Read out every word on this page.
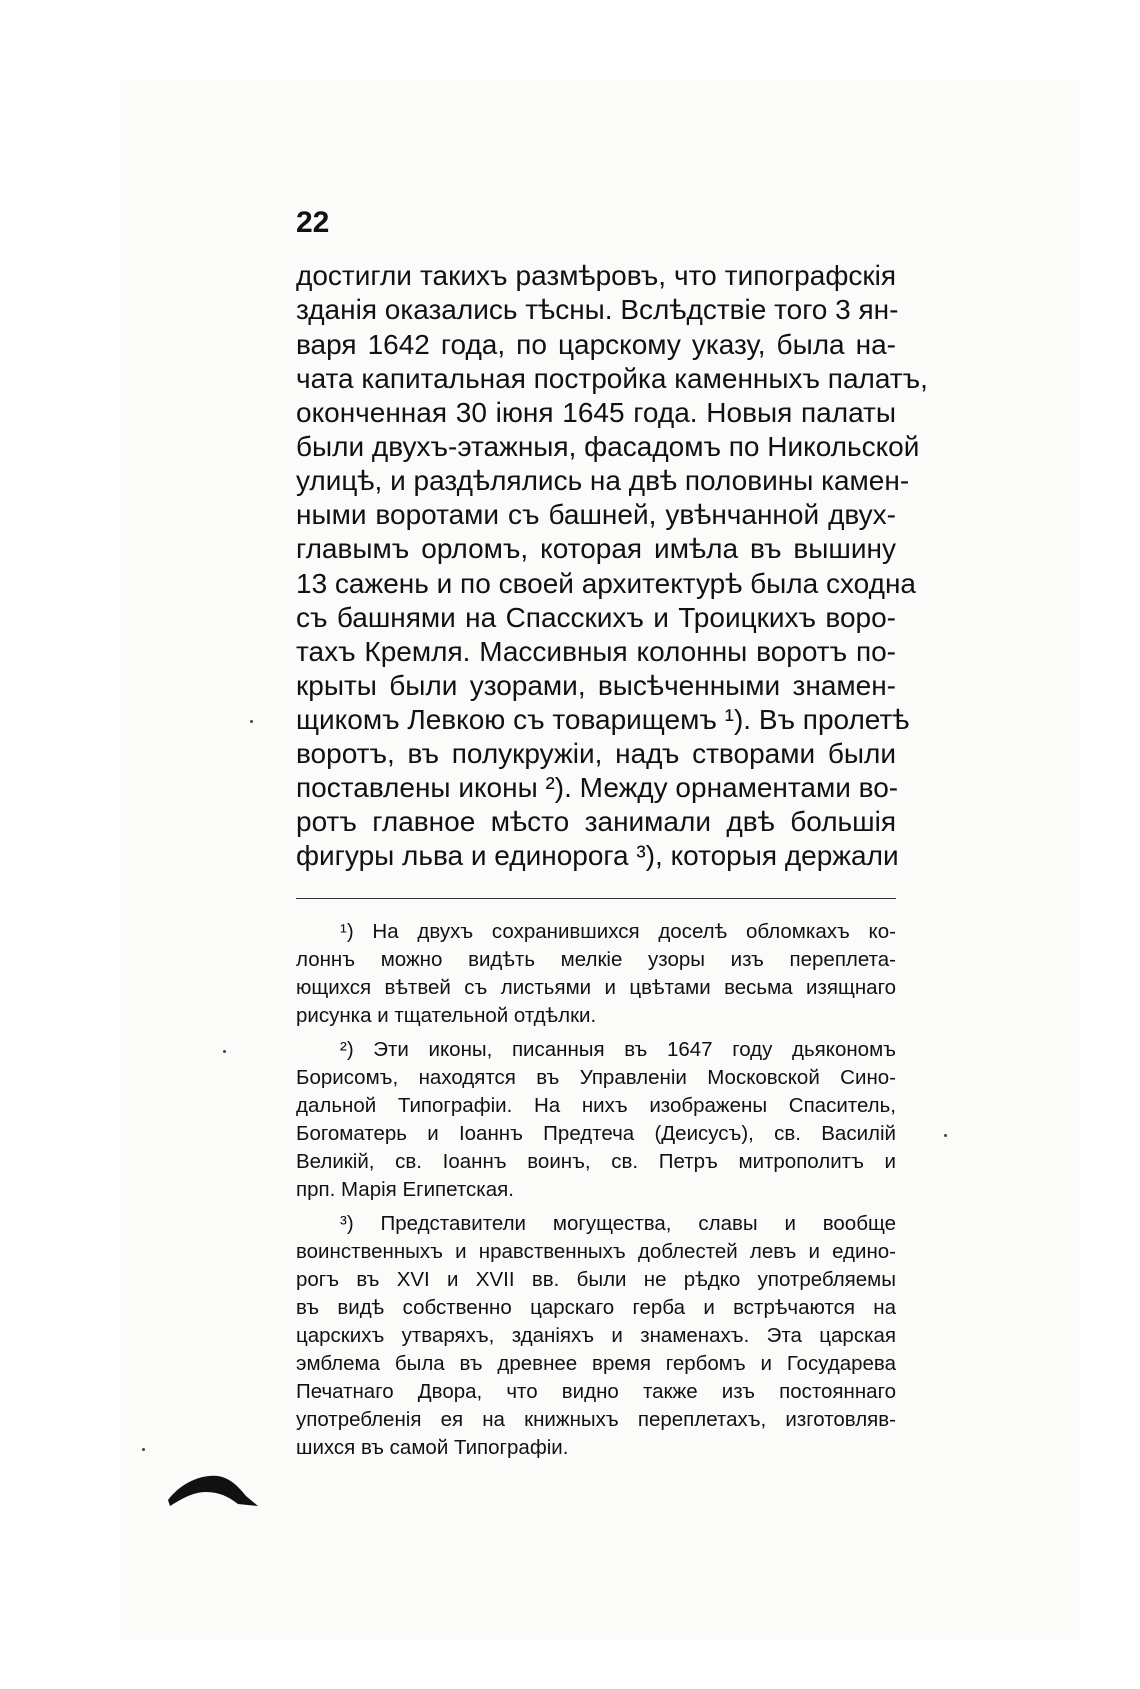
22
достигли такихъ размѣровъ, что типографскія
зданія оказались тѣсны. Вслѣдствіе того 3 ян-
варя 1642 года, по царскому указу, была на-
чата капитальная постройка каменныхъ палатъ,
оконченная 30 іюня 1645 года. Новыя палаты
были двухъ-этажныя, фасадомъ по Никольской
улицѣ, и раздѣлялись на двѣ половины камен-
ными воротами съ башней, увѣнчанной двух-
главымъ орломъ, которая имѣла въ вышину
13 сажень и по своей архитектурѣ была сходна
съ башнями на Спасскихъ и Троицкихъ воро-
тахъ Кремля. Массивныя колонны воротъ по-
крыты были узорами, высѣченными знамен-
щикомъ Левкою съ товарищемъ ¹). Въ пролетѣ
воротъ, въ полукружіи, надъ створами были
поставлены иконы ²). Между орнаментами во-
ротъ главное мѣсто занимали двѣ большія
фигуры льва и единорога ³), которыя держали
¹) На двухъ сохранившихся доселѣ обломкахъ ко-
лоннъ можно видѣть мелкіе узоры изъ переплета-
ющихся вѣтвей съ листьями и цвѣтами весьма изящнаго
рисунка и тщательной отдѣлки.
²) Эти иконы, писанныя въ 1647 году дьякономъ
Борисомъ, находятся въ Управленіи Московской Сино-
дальной Типографіи. На нихъ изображены Спаситель,
Богоматерь и Іоаннъ Предтеча (Деисусъ), св. Василій
Великій, св. Іоаннъ воинъ, св. Петръ митрополитъ и
прп. Марія Египетская.
³) Представители могущества, славы и вообще
воинственныхъ и нравственныхъ доблестей левъ и едино-
рогъ въ XVI и XVII вв. были не рѣдко употребляемы
въ видѣ собственно царскаго герба и встрѣчаются на
царскихъ утваряхъ, зданіяхъ и знаменахъ. Эта царская
эмблема была въ древнее время гербомъ и Государева
Печатнаго Двора, что видно также изъ постояннаго
употребленія ея на книжныхъ переплетахъ, изготовляв-
шихся въ самой Типографіи.
